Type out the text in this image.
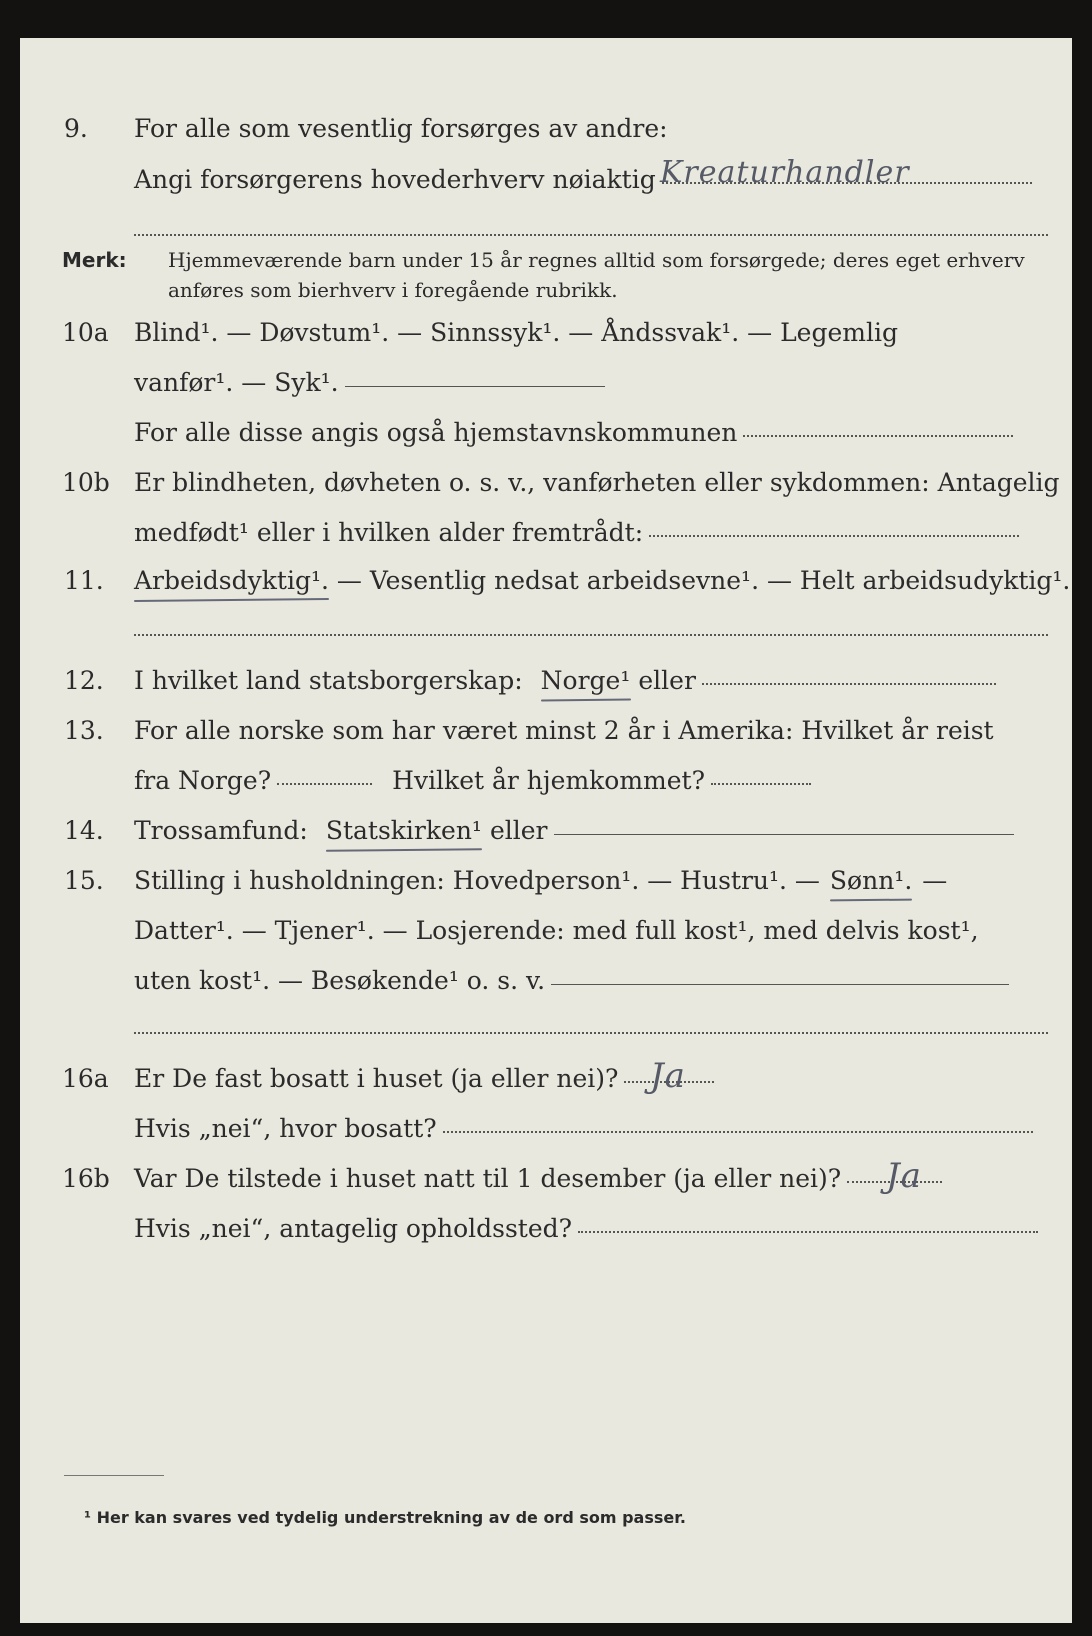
9. For alle som vesentlig forsørges av andre:
Angi forsørgerens hovederhverv nøiaktig Kreaturhandler
Merk: Hjemmeværende barn under 15 år regnes alltid som forsørgede; deres eget erhverv
anføres som bierhverv i foregående rubrikk.
10a Blind¹. — Døvstum¹. — Sinnssyk¹. — Åndssvak¹. — Legemlig
vanfør¹. — Syk¹.
For alle disse angis også hjemstavnskommunen
10b Er blindheten, døvheten o. s. v., vanførheten eller sykdommen: Antagelig
medfødt¹ eller i hvilken alder fremtrådt:
11. Arbeidsdyktig¹. — Vesentlig nedsat arbeidsevne¹. — Helt arbeidsudyktig¹.
12. I hvilket land statsborgerskap: Norge¹ eller
13. For alle norske som har været minst 2 år i Amerika: Hvilket år reist
fra Norge?	Hvilket år hjemkommet?
14. Trossamfund: Statskirken¹ eller
15. Stilling i husholdningen: Hovedperson¹. — Hustru¹. — Sønn¹. —
Datter¹. — Tjener¹. — Losjerende: med full kost¹, med delvis kost¹,
uten kost¹. — Besøkende¹ o. s. v.
16a Er De fast bosatt i huset (ja eller nei)? Ja
Hvis „nei“, hvor bosatt?
16b Var De tilstede i huset natt til 1 desember (ja eller nei)? Ja
Hvis „nei“, antagelig opholdssted?
¹ Her kan svares ved tydelig understrekning av de ord som passer.
